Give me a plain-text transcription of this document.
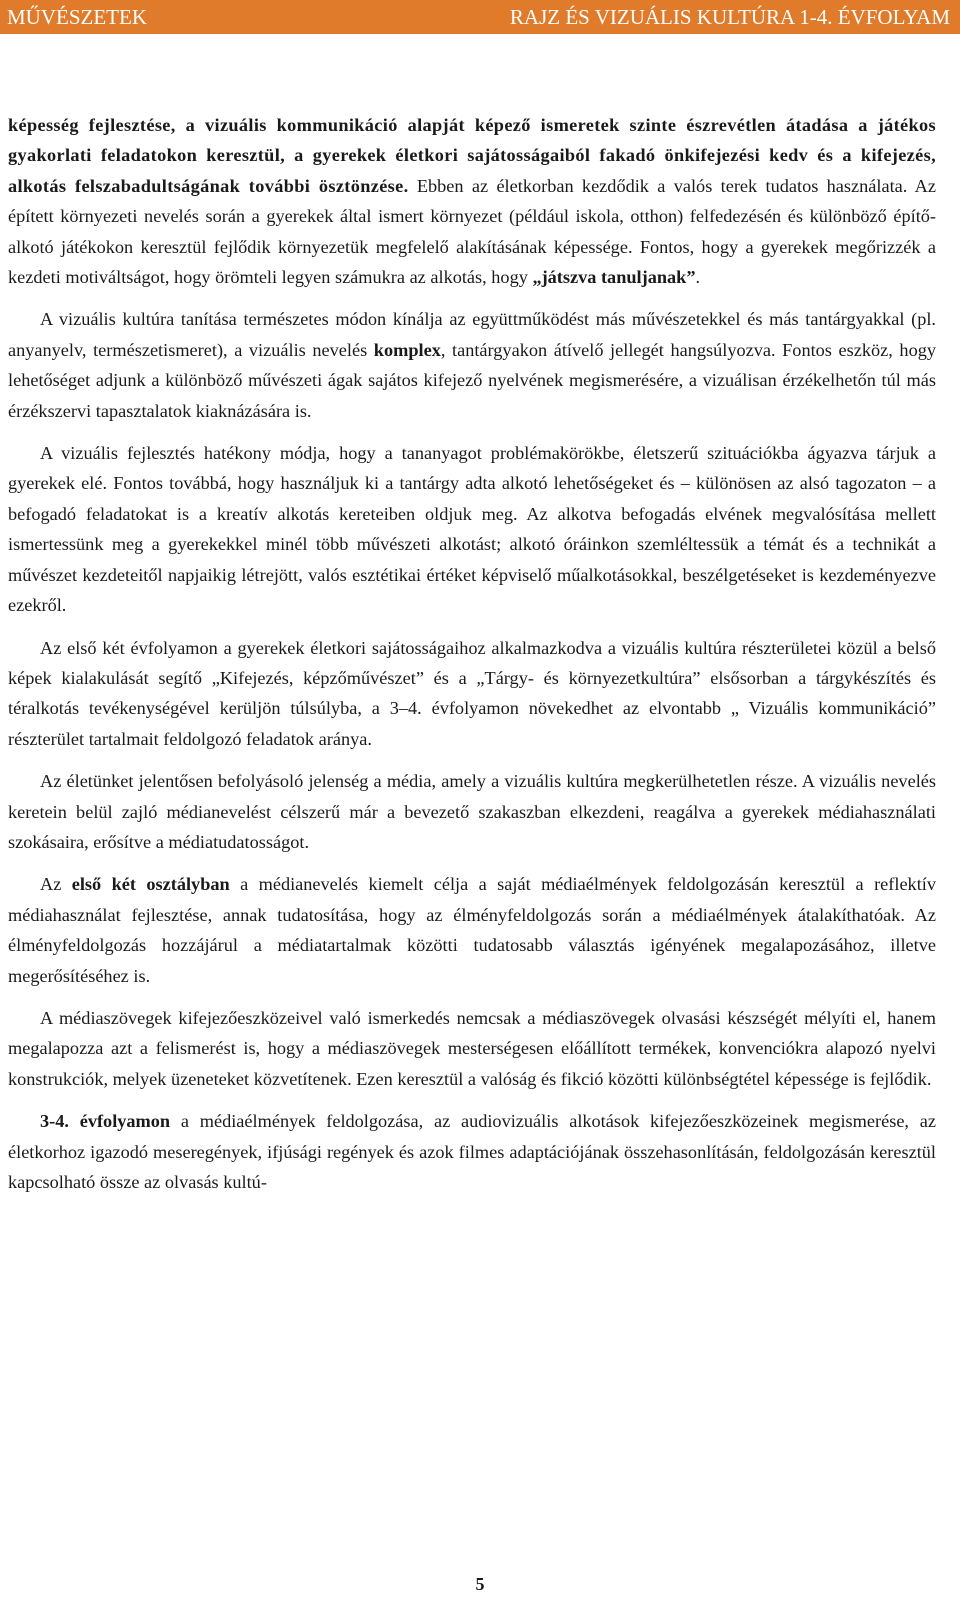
MŰVÉSZETEK	RAJZ ÉS VIZUÁLIS KULTÚRA 1-4. ÉVFOLYAM

képesség fejlesztése, a vizuális kommunikáció alapját képező ismeretek szinte észrevétlen átadása a játékos gyakorlati feladatokon keresztül, a gyerekek életkori sajátosságaiból fakadó önkifejezési kedv és a kifejezés, alkotás felszabadultságának további ösztönzése. Ebben az életkorban kezdődik a valós terek tudatos használata. Az épített környezeti nevelés során a gyerekek által ismert környezet (például iskola, otthon) felfedezésén és különböző építő-alkotó játékokon keresztül fejlődik környezetük megfelelő alakításának képessége. Fontos, hogy a gyerekek megőrizzék a kezdeti motiváltságot, hogy örömteli legyen számukra az alkotás, hogy „játszva tanuljanak”.

A vizuális kultúra tanítása természetes módon kínálja az együttműködést más művészetekkel és más tantárgyakkal (pl. anyanyelv, természetismeret), a vizuális nevelés komplex, tantárgyakon átívelő jellegét hangsúlyozva. Fontos eszköz, hogy lehetőséget adjunk a különböző művészeti ágak sajátos kifejező nyelvének megismerésére, a vizuálisan érzékelhetőn túl más érzékszervi tapasztalatok kiaknázására is.

A vizuális fejlesztés hatékony módja, hogy a tananyagot problémakörökbe, életszerű szituációkba ágyazva tárjuk a gyerekek elé. Fontos továbbá, hogy használjuk ki a tantárgy adta alkotó lehetőségeket és – különösen az alsó tagozaton – a befogadó feladatokat is a kreatív alkotás kereteiben oldjuk meg. Az alkotva befogadás elvének megvalósítása mellett ismertessünk meg a gyerekekkel minél több művészeti alkotást; alkotó óráinkon szemléltessük a témát és a technikát a művészet kezdeteitől napjaikig létrejött, valós esztétikai értéket képviselő műalkotásokkal, beszélgetéseket is kezdeményezve ezekről.

Az első két évfolyamon a gyerekek életkori sajátosságaihoz alkalmazkodva a vizuális kultúra részterületei közül a belső képek kialakulását segítő „Kifejezés, képzőművészet” és a „Tárgy- és környezetkultúra” elsősorban a tárgykészítés és téralkotás tevékenységével kerüljön túlsúlyba, a 3–4. évfolyamon növekedhet az elvontabb „ Vizuális kommunikáció” részterület tartalmait feldolgozó feladatok aránya.

Az életünket jelentősen befolyásoló jelenség a média, amely a vizuális kultúra megkerülhetetlen része. A vizuális nevelés keretein belül zajló médianevelést célszerű már a bevezető szakaszban elkezdeni, reagálva a gyerekek médiahasználati szokásaira, erősítve a médiatudatosságot.

Az első két osztályban a médianevelés kiemelt célja a saját médiaélmények feldolgozásán keresztül a reflektív médiahasználat fejlesztése, annak tudatosítása, hogy az élményfeldolgozás során a médiaélmények átalakíthatóak. Az élményfeldolgozás hozzájárul a médiatartalmak közötti tudatosabb választás igényének megalapozásához, illetve megerősítéséhez is.

A médiaszövegek kifejezőeszközeivel való ismerkedés nemcsak a médiaszövegek olvasási készségét mélyíti el, hanem megalapozza azt a felismerést is, hogy a médiaszövegek mesterségesen előállított termékek, konvenciókra alapozó nyelvi konstrukciók, melyek üzeneteket közvetítenek. Ezen keresztül a valóság és fikció közötti különbségtétel képessége is fejlődik.

3-4. évfolyamon a médiaélmények feldolgozása, az audiovizuális alkotások kifejezőeszközeinek megismerése, az életkorhoz igazodó meseregények, ifjúsági regények és azok filmes adaptációjának összehasonlításán, feldolgozásán keresztül kapcsolható össze az olvasás kultú-

5
